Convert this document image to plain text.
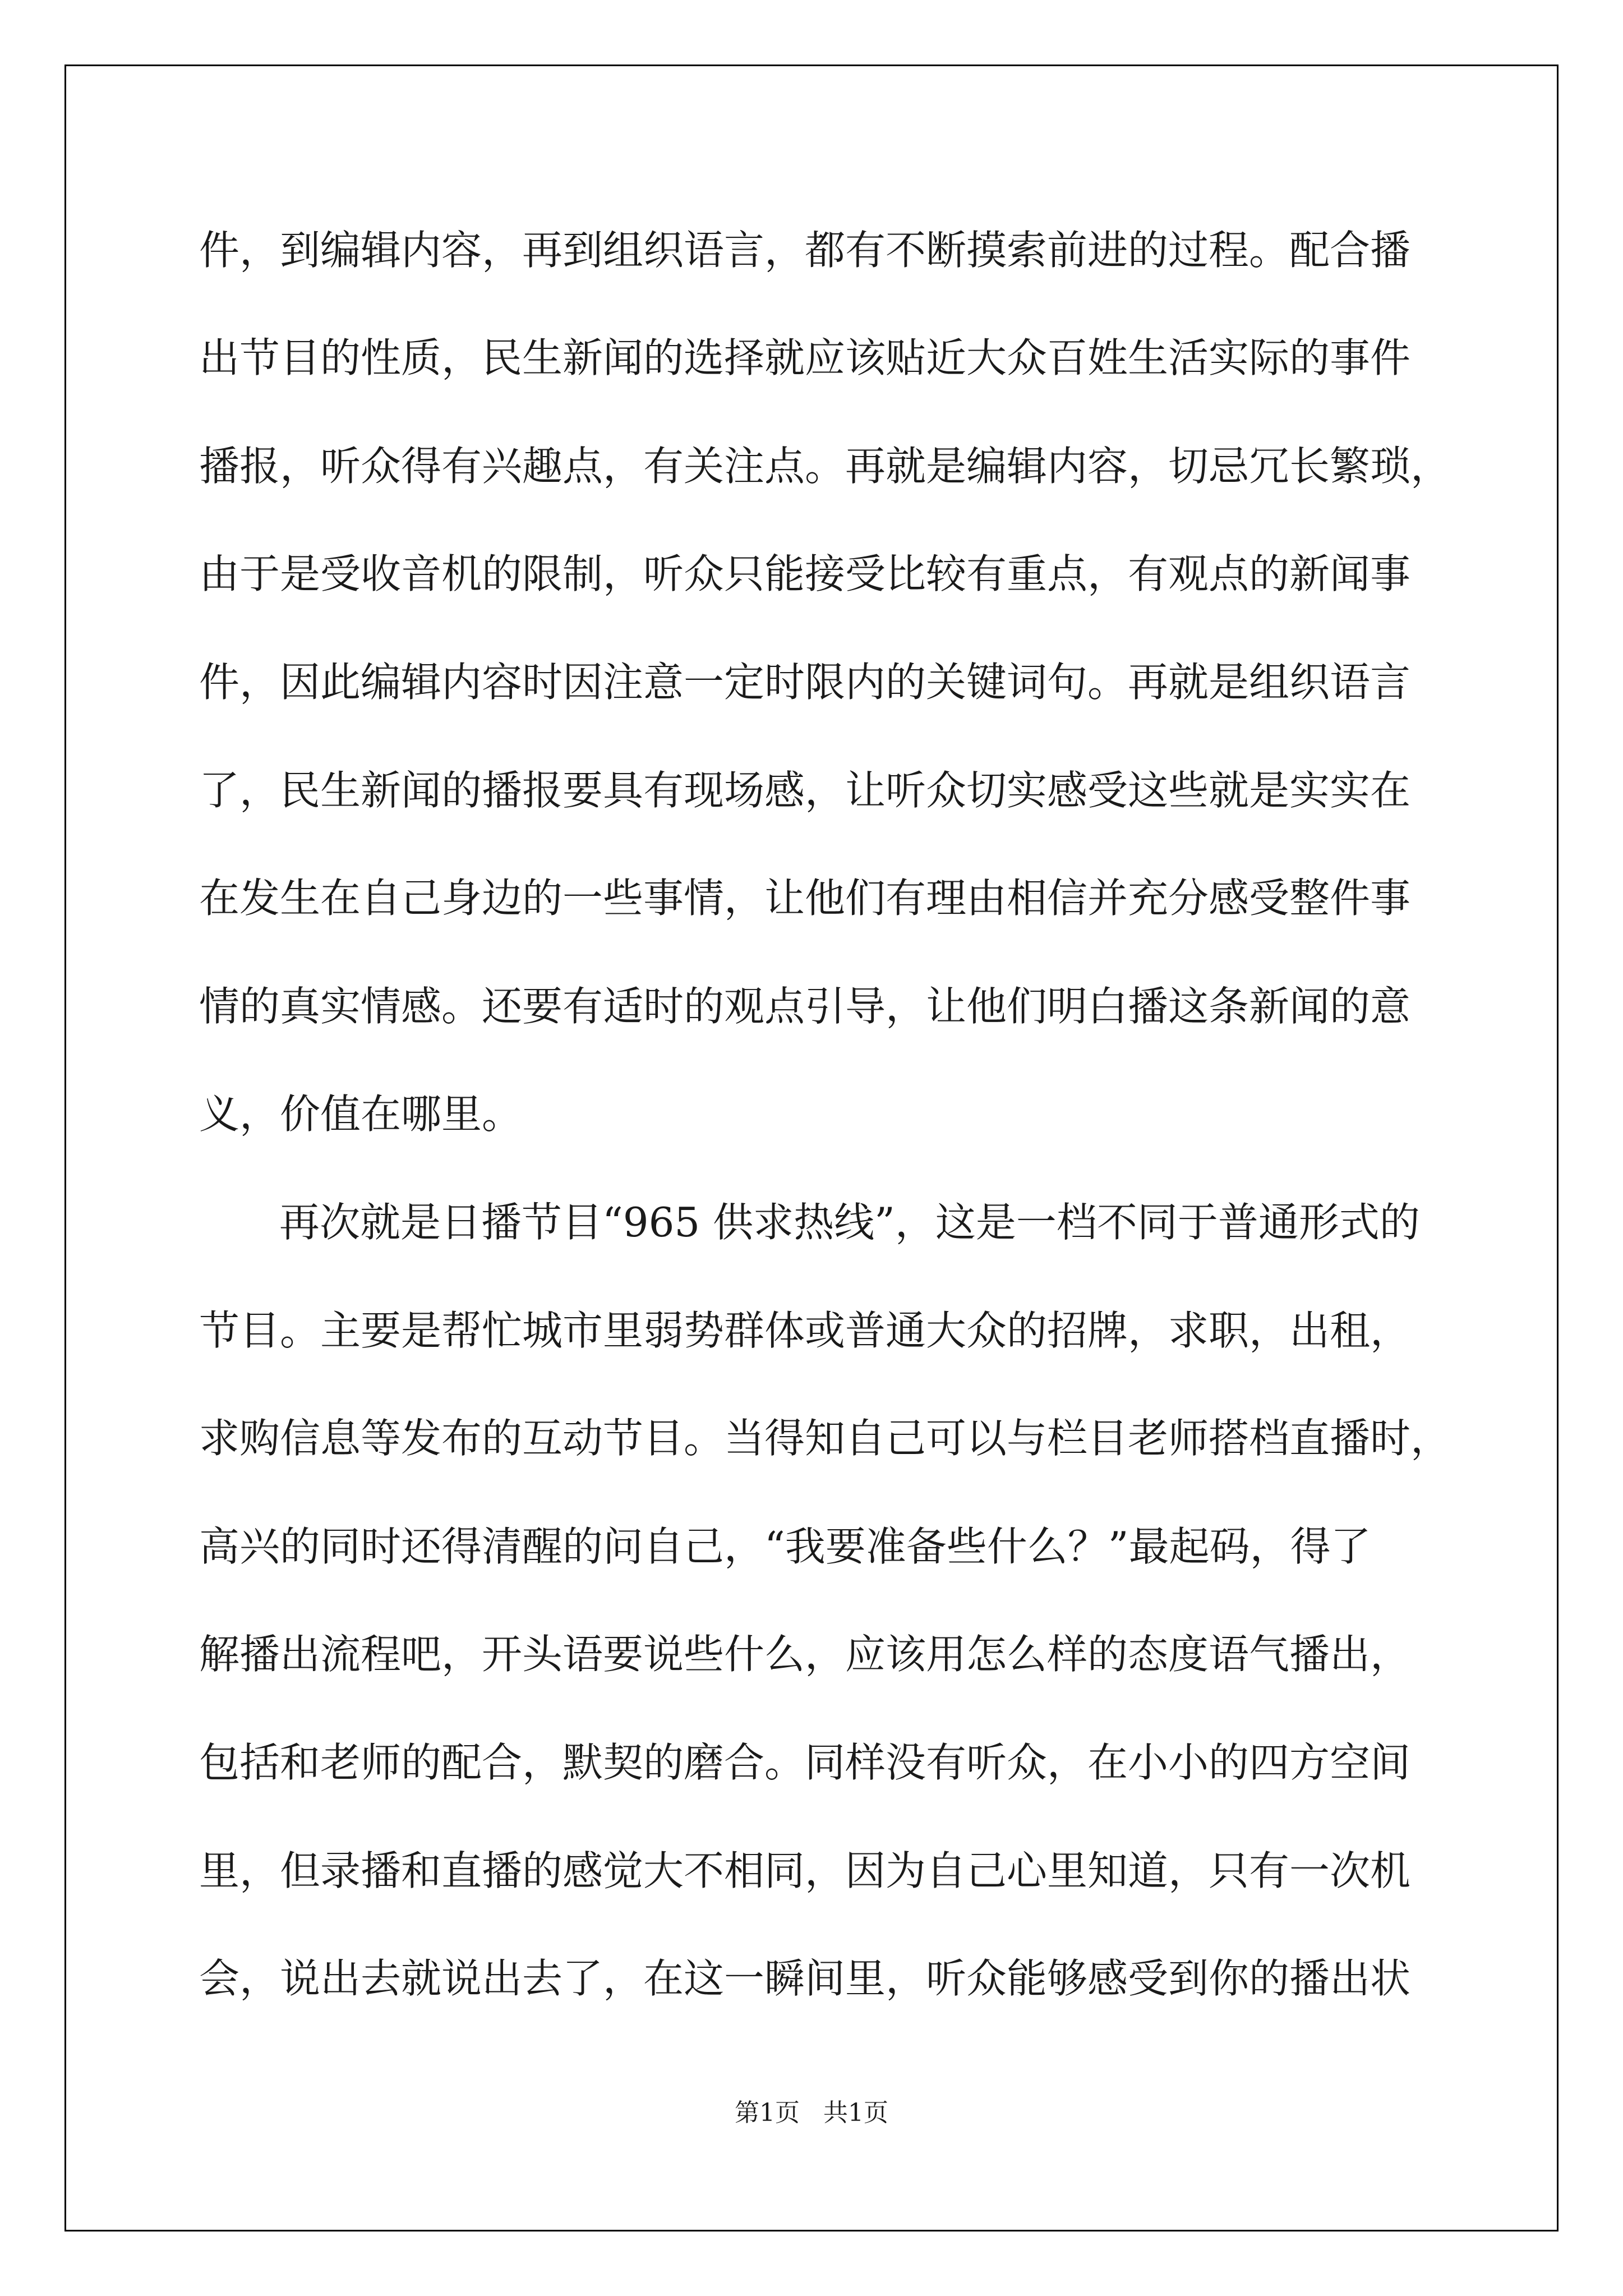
件，到编辑内容，再到组织语言，都有不断摸索前进的过程。配合播

出节目的性质，民生新闻的选择就应该贴近大众百姓生活实际的事件

播报，听众得有兴趣点，有关注点。再就是编辑内容，切忌冗长繁琐，

由于是受收音机的限制，听众只能接受比较有重点，有观点的新闻事

件，因此编辑内容时因注意一定时限内的关键词句。再就是组织语言

了，民生新闻的播报要具有现场感，让听众切实感受这些就是实实在

在发生在自己身边的一些事情，让他们有理由相信并充分感受整件事

情的真实情感。还要有适时的观点引导，让他们明白播这条新闻的意

义，价值在哪里。

再次就是日播节目“965 供求热线”，这是一档不同于普通形式的

节目。主要是帮忙城市里弱势群体或普通大众的招牌，求职，出租，

求购信息等发布的互动节目。当得知自己可以与栏目老师搭档直播时，

高兴的同时还得清醒的问自己，“我要准备些什么？”最起码，得了

解播出流程吧，开头语要说些什么，应该用怎么样的态度语气播出，

包括和老师的配合，默契的磨合。同样没有听众，在小小的四方空间

里，但录播和直播的感觉大不相同，因为自己心里知道，只有一次机

会，说出去就说出去了，在这一瞬间里，听众能够感受到你的播出状

第1页   共1页
